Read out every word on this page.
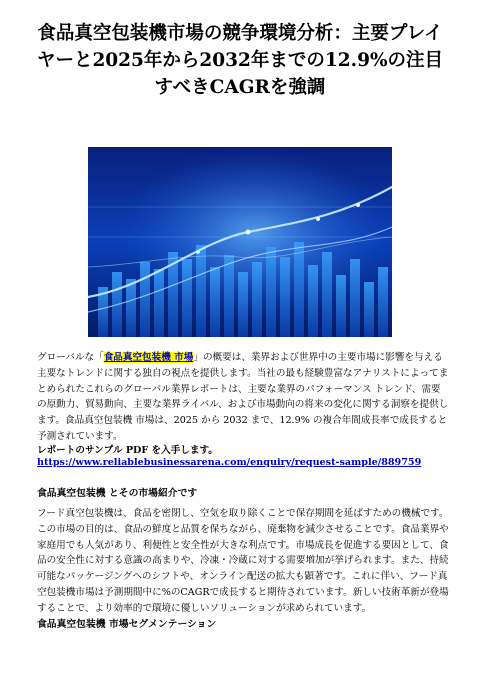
食品真空包装機市場の競争環境分析：主要プレイヤーと2025年から2032年までの12.9%の注目すべきCAGRを強調

グローバルな「食品真空包装機 市場」の概要は、業界および世界中の主要市場に影響を与える主要なトレンドに関する独自の視点を提供します。当社の最も経験豊富なアナリストによってまとめられたこれらのグローバル業界レポートは、主要な業界のパフォーマンス トレンド、需要の原動力、貿易動向、主要な業界ライバル、および市場動向の将来の変化に関する洞察を提供します。食品真空包装機 市場は、2025 から 2032 まで、12.9% の複合年間成長率で成長すると予測されています。

レポートのサンプル PDF を入手します。 https://www.reliablebusinessarena.com/enquiry/request-sample/889759

食品真空包装機 とその市場紹介です

フード真空包装機は、食品を密閉し、空気を取り除くことで保存期間を延ばすための機械です。この市場の目的は、食品の鮮度と品質を保ちながら、廃棄物を減少させることです。食品業界や家庭用でも人気があり、利便性と安全性が大きな利点です。市場成長を促進する要因として、食品の安全性に対する意識の高まりや、冷凍・冷蔵に対する需要増加が挙げられます。また、持続可能なパッケージングへのシフトや、オンライン配送の拡大も顕著です。これに伴い、フード真空包装機市場は予測期間中に%のCAGRで成長すると期待されています。新しい技術革新が登場することで、より効率的で環境に優しいソリューションが求められています。

食品真空包装機 市場セグメンテーション
